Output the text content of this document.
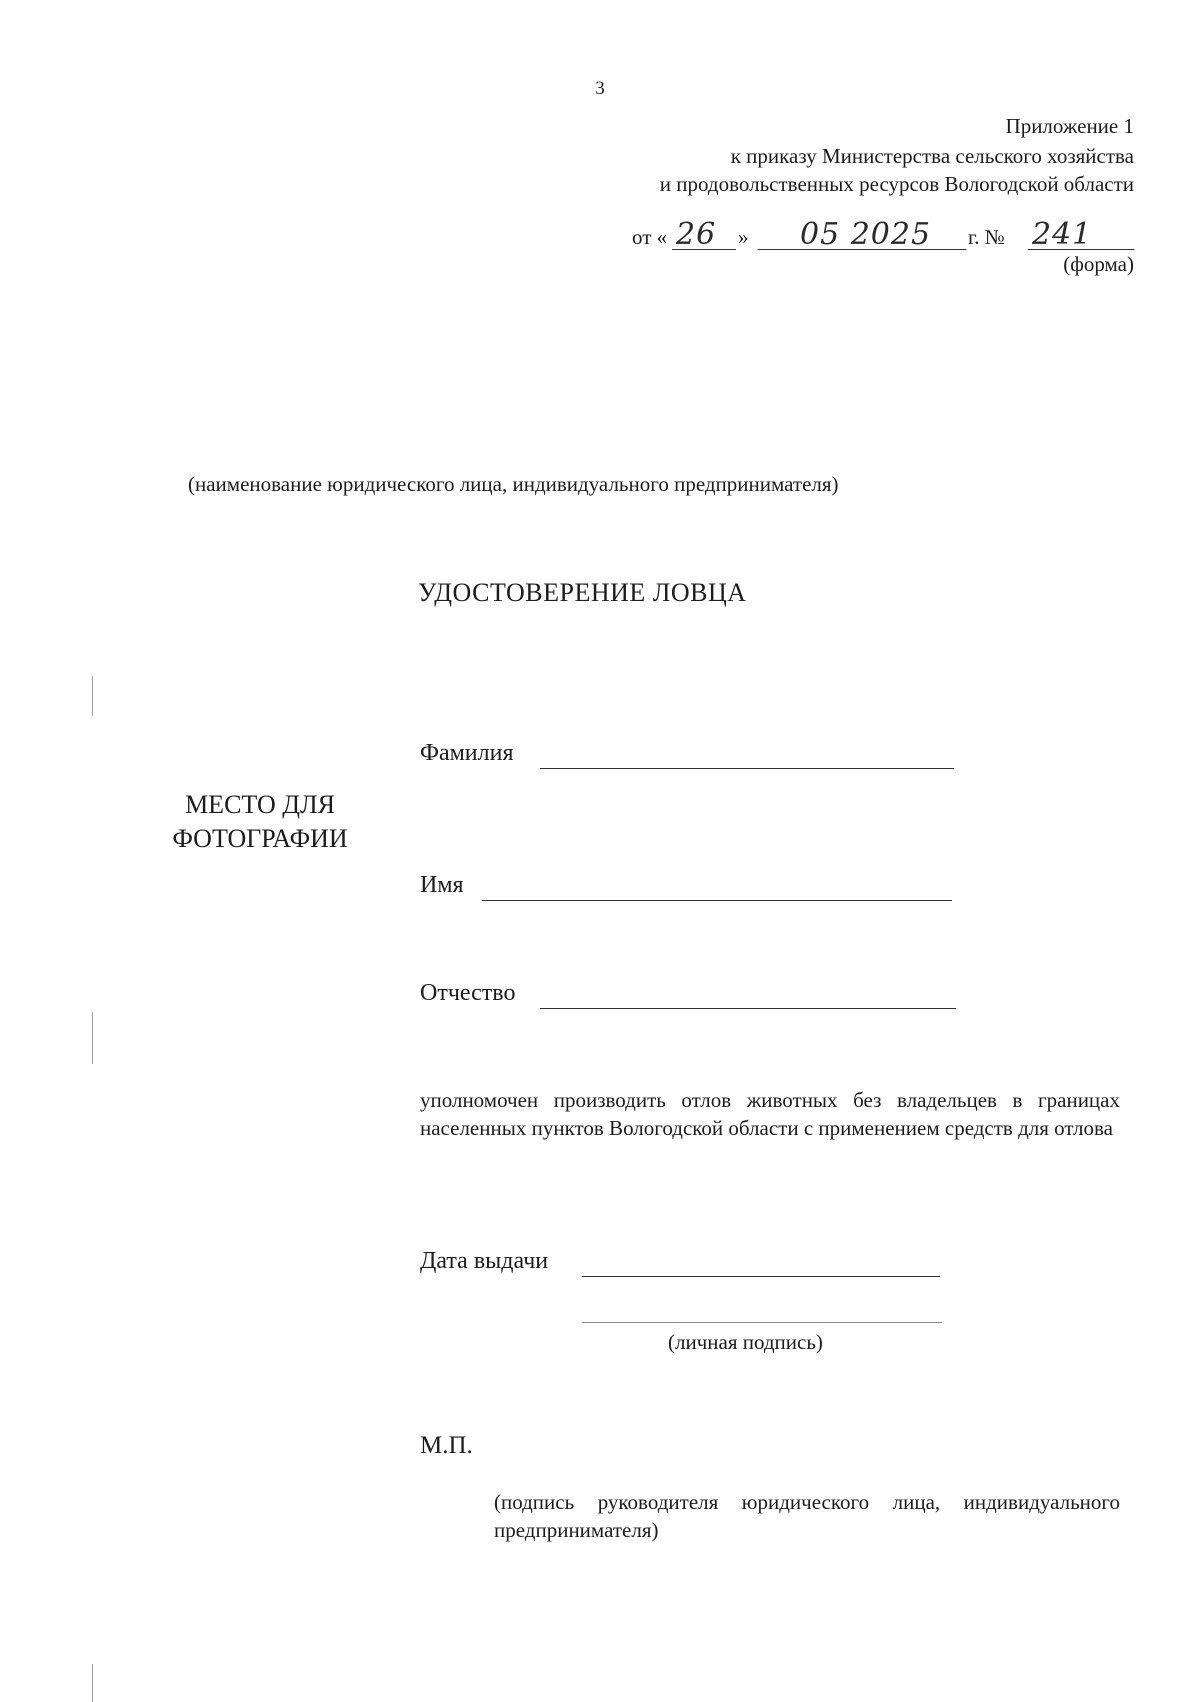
3
Приложение 1
к приказу Министерства сельского хозяйства
и продовольственных ресурсов Вологодской области
от « 26 » 05 2025 г. № 241
(форма)
(наименование юридического лица, индивидуального предпринимателя)
УДОСТОВЕРЕНИЕ ЛОВЦА
МЕСТО ДЛЯ
ФОТОГРАФИИ
Фамилия
Имя
Отчество
уполномочен производить отлов животных без владельцев в границах населенных пунктов Вологодской области с применением средств для отлова
Дата выдачи
(личная подпись)
М.П.
(подпись руководителя юридического лица, индивидуального предпринимателя)
